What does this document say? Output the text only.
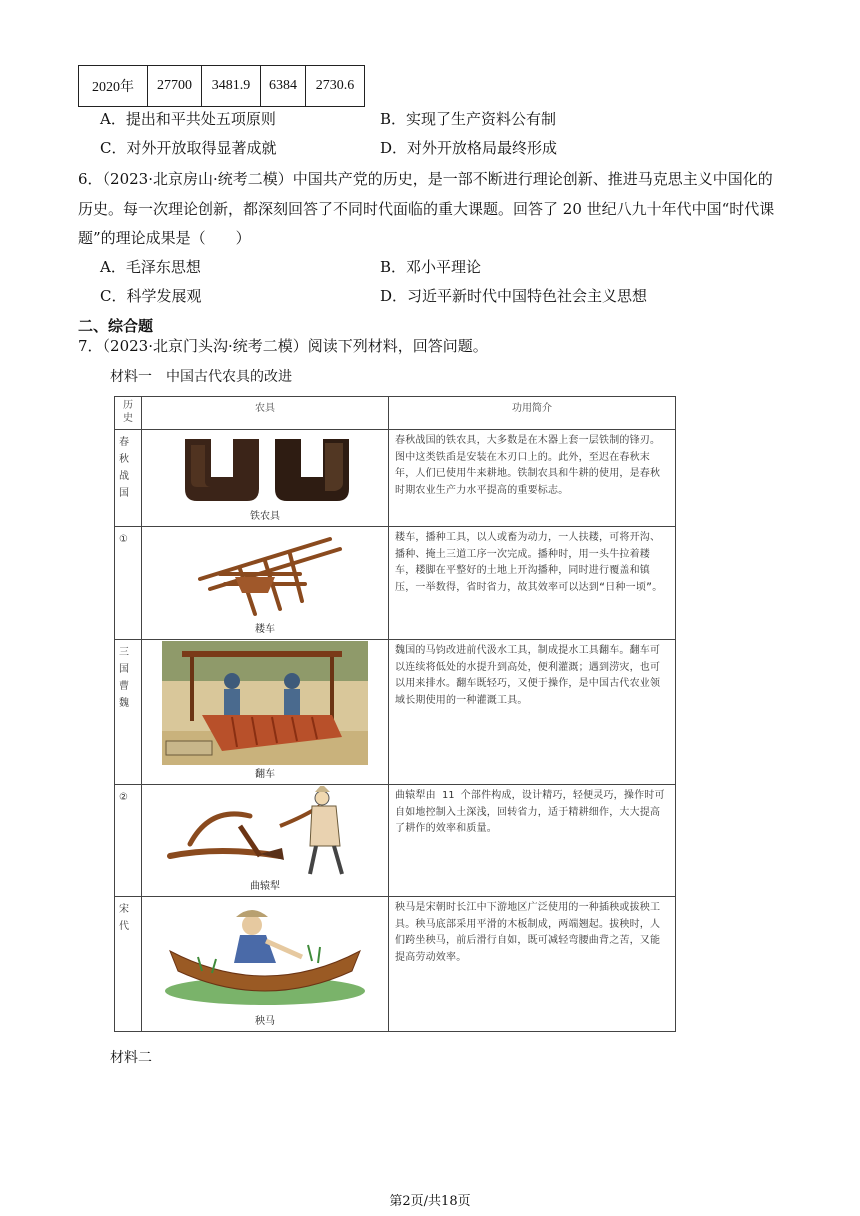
2020年	27700	3481.9	6384	2730.6
A．提出和平共处五项原则	B．实现了生产资料公有制
C．对外开放取得显著成就	D．对外开放格局最终形成
6．（2023·北京房山·统考二模）中国共产党的历史，是一部不断进行理论创新、推进马克思主义中国化的
历史。每一次理论创新，都深刻回答了不同时代面临的重大课题。回答了 20 世纪八九十年代中国“时代课
题”的理论成果是（　　）
A．毛泽东思想	B．邓小平理论
C．科学发展观	D．习近平新时代中国特色社会主义思想
二、综合题
7．（2023·北京门头沟·统考二模）阅读下列材料，回答问题。
材料一　中国古代农具的改进
历
史	农具	功用简介
春
秋
战
国	铁农具	春秋战国的铁农具，大多数是在木器上套一层铁制的锋刃。图中这类铁臿是安装在木刃口上的。此外，至迟在春秋末年，人们已使用牛来耕地。铁制农具和牛耕的使用，是春秋时期农业生产力水平提高的重要标志。
①	耧车	耧车，播种工具，以人或畜为动力，一人扶耧，可将开沟、播种、掩土三道工序一次完成。播种时，用一头牛拉着耧车，耧脚在平整好的土地上开沟播种，同时进行覆盖和镇压，一举数得，省时省力，故其效率可以达到“日种一顷”。
三
国
曹
魏	翻车	魏国的马钧改进前代汲水工具，制成提水工具翻车。翻车可以连续将低处的水提升到高处，便利灌溉；遇到涝灾，也可以用来排水。翻车既轻巧，又便于操作，是中国古代农业领域长期使用的一种灌溉工具。
②	曲辕犁	曲辕犁由 11 个部件构成，设计精巧，轻便灵巧，操作时可自如地控制入土深浅，回转省力，适于精耕细作，大大提高了耕作的效率和质量。
宋
代	秧马	秧马是宋朝时长江中下游地区广泛使用的一种插秧或拔秧工具。秧马底部采用平滑的木板制成，两端翘起。拔秧时，人们跨坐秧马，前后滑行自如，既可减轻弯腰曲背之苦，又能提高劳动效率。
材料二
第2页/共18页
